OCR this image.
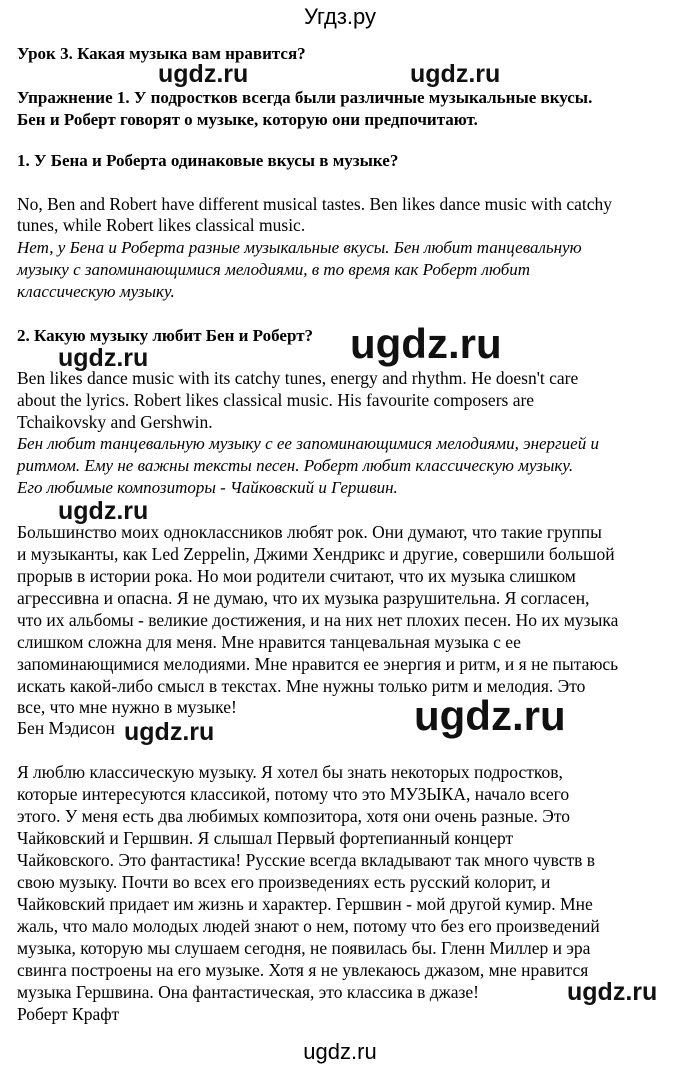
Угдз.ру
Урок 3. Какая музыка вам нравится?
Упражнение 1. У подростков всегда были различные музыкальные вкусы.
Бен и Роберт говорят о музыке, которую они предпочитают.
1. У Бена и Роберта одинаковые вкусы в музыке?
No, Ben and Robert have different musical tastes. Ben likes dance music with catchy
tunes, while Robert likes classical music.
Нет, у Бена и Роберта разные музыкальные вкусы. Бен любит танцевальную
музыку с запоминающимися мелодиями, в то время как Роберт любит
классическую музыку.
2. Какую музыку любит Бен и Роберт?
Ben likes dance music with its catchy tunes, energy and rhythm. He doesn't care
about the lyrics. Robert likes classical music. His favourite composers are
Tchaikovsky and Gershwin.
Бен любит танцевальную музыку с ее запоминающимися мелодиями, энергией и
ритмом. Ему не важны тексты песен. Роберт любит классическую музыку.
Его любимые композиторы - Чайковский и Гершвин.
Большинство моих одноклассников любят рок. Они думают, что такие группы
и музыканты, как Led Zeppelin, Джими Хендрикс и другие, совершили большой
прорыв в истории рока. Но мои родители считают, что их музыка слишком
агрессивна и опасна. Я не думаю, что их музыка разрушительна. Я согласен,
что их альбомы - великие достижения, и на них нет плохих песен. Но их музыка
слишком сложна для меня. Мне нравится танцевальная музыка с ее
запоминающимися мелодиями. Мне нравится ее энергия и ритм, и я не пытаюсь
искать какой-либо смысл в текстах. Мне нужны только ритм и мелодия. Это
все, что мне нужно в музыке!
Бен Мэдисон
Я люблю классическую музыку. Я хотел бы знать некоторых подростков,
которые интересуются классикой, потому что это МУЗЫКА, начало всего
этого. У меня есть два любимых композитора, хотя они очень разные. Это
Чайковский и Гершвин. Я слышал Первый фортепианный концерт
Чайковского. Это фантастика! Русские всегда вкладывают так много чувств в
свою музыку. Почти во всех его произведениях есть русский колорит, и
Чайковский придает им жизнь и характер. Гершвин - мой другой кумир. Мне
жаль, что мало молодых людей знают о нем, потому что без его произведений
музыка, которую мы слушаем сегодня, не появилась бы. Гленн Миллер и эра
свинга построены на его музыке. Хотя я не увлекаюсь джазом, мне нравится
музыка Гершвина. Она фантастическая, это классика в джазе!
Роберт Крафт
ugdz.ru	ugdz.ru
ugdz.ru
ugdz.ru
ugdz.ru
ugdz.ru
ugdz.ru
ugdz.ru
ugdz.ru
